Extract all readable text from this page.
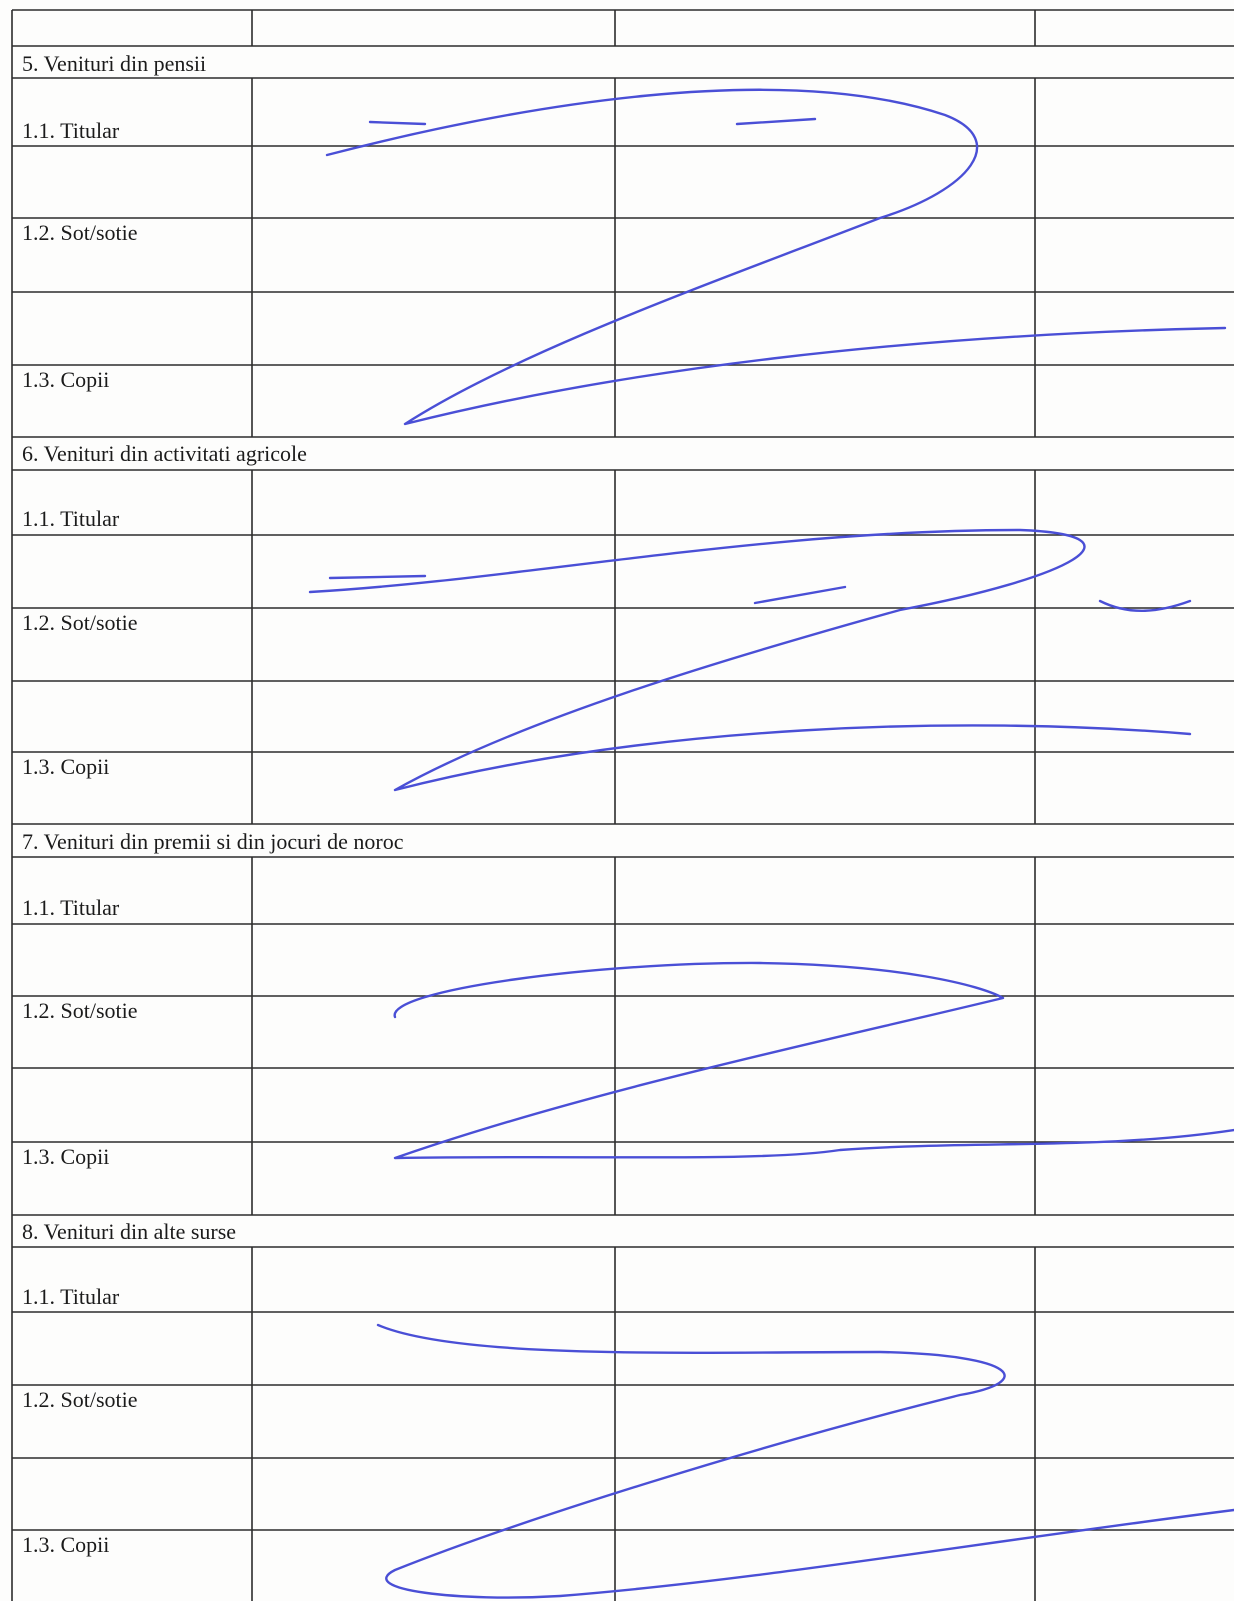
5. Venituri din pensii
1.1. Titular
1.2. Sot/sotie
1.3. Copii
6. Venituri din activitati agricole
1.1. Titular
1.2. Sot/sotie
1.3. Copii
7. Venituri din premii si din jocuri de noroc
1.1. Titular
1.2. Sot/sotie
1.3. Copii
8. Venituri din alte surse
1.1. Titular
1.2. Sot/sotie
1.3. Copii
